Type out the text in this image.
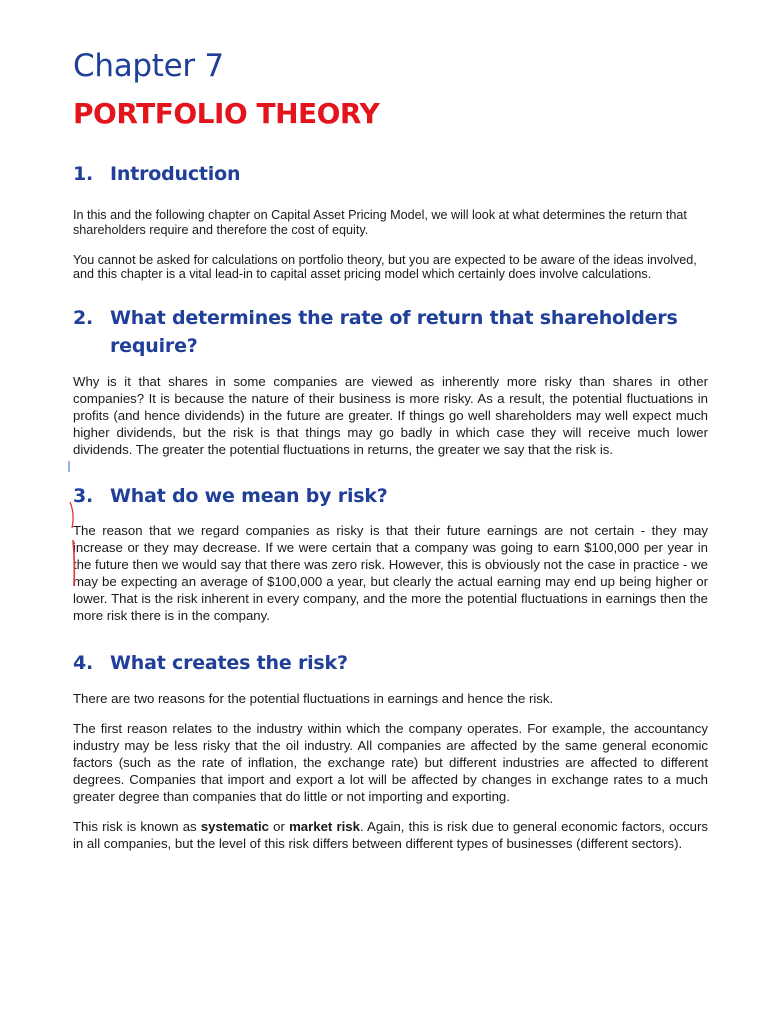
Chapter 7
PORTFOLIO THEORY
1. Introduction

In this and the following chapter on Capital Asset Pricing Model, we will look at what determines the return that shareholders require and therefore the cost of equity.

You cannot be asked for calculations on portfolio theory, but you are expected to be aware of the ideas involved, and this chapter is a vital lead-in to capital asset pricing model which certainly does involve calculations.

2. What determines the rate of return that shareholders require?

Why is it that shares in some companies are viewed as inherently more risky than shares in other companies? It is because the nature of their business is more risky. As a result, the potential fluctuations in profits (and hence dividends) in the future are greater. If things go well shareholders may well expect much higher dividends, but the risk is that things may go badly in which case they will receive much lower dividends. The greater the potential fluctuations in returns, the greater we say that the risk is.

3. What do we mean by risk?

The reason that we regard companies as risky is that their future earnings are not certain - they may increase or they may decrease. If we were certain that a company was going to earn $100,000 per year in the future then we would say that there was zero risk. However, this is obviously not the case in practice - we may be expecting an average of $100,000 a year, but clearly the actual earning may end up being higher or lower. That is the risk inherent in every company, and the more the potential fluctuations in earnings then the more risk there is in the company.

4. What creates the risk?

There are two reasons for the potential fluctuations in earnings and hence the risk.

The first reason relates to the industry within which the company operates. For example, the accountancy industry may be less risky that the oil industry. All companies are affected by the same general economic factors (such as the rate of inflation, the exchange rate) but different industries are affected to different degrees. Companies that import and export a lot will be affected by changes in exchange rates to a much greater degree than companies that do little or not importing and exporting.

This risk is known as systematic or market risk. Again, this is risk due to general economic factors, occurs in all companies, but the level of this risk differs between different types of businesses (different sectors).
